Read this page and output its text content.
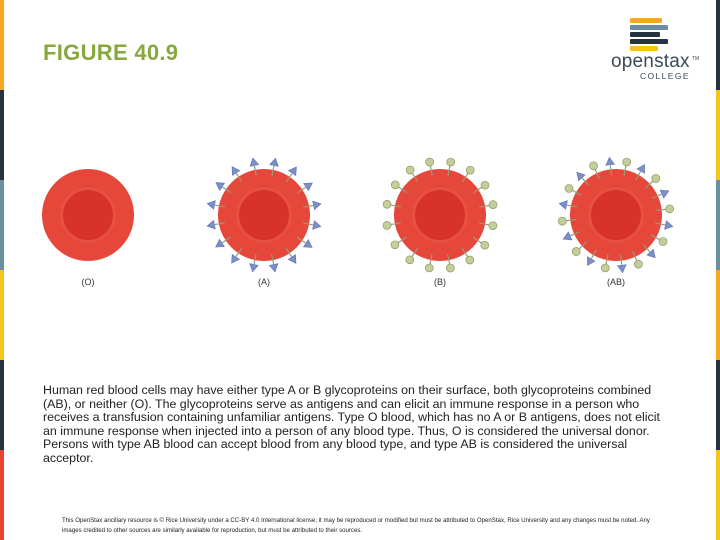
FIGURE 40.9	openstax TM
COLLEGE
(O)	(A)	(B)	(AB)
Human red blood cells may have either type A or B glycoproteins on their surface, both glycoproteins combined (AB), or neither (O). The glycoproteins serve as antigens and can elicit an immune response in a person who receives a transfusion containing unfamiliar antigens. Type O blood, which has no A or B antigens, does not elicit an immune response when injected into a person of any blood type. Thus, O is considered the universal donor. Persons with type AB blood can accept blood from any blood type, and type AB is considered the universal acceptor.
This OpenStax ancillary resource is © Rice University under a CC-BY 4.0 International license; it may be reproduced or modified but must be attributed to OpenStax, Rice University and any changes must be noted. Any images credited to other sources are similarly available for reproduction, but must be attributed to their sources.
